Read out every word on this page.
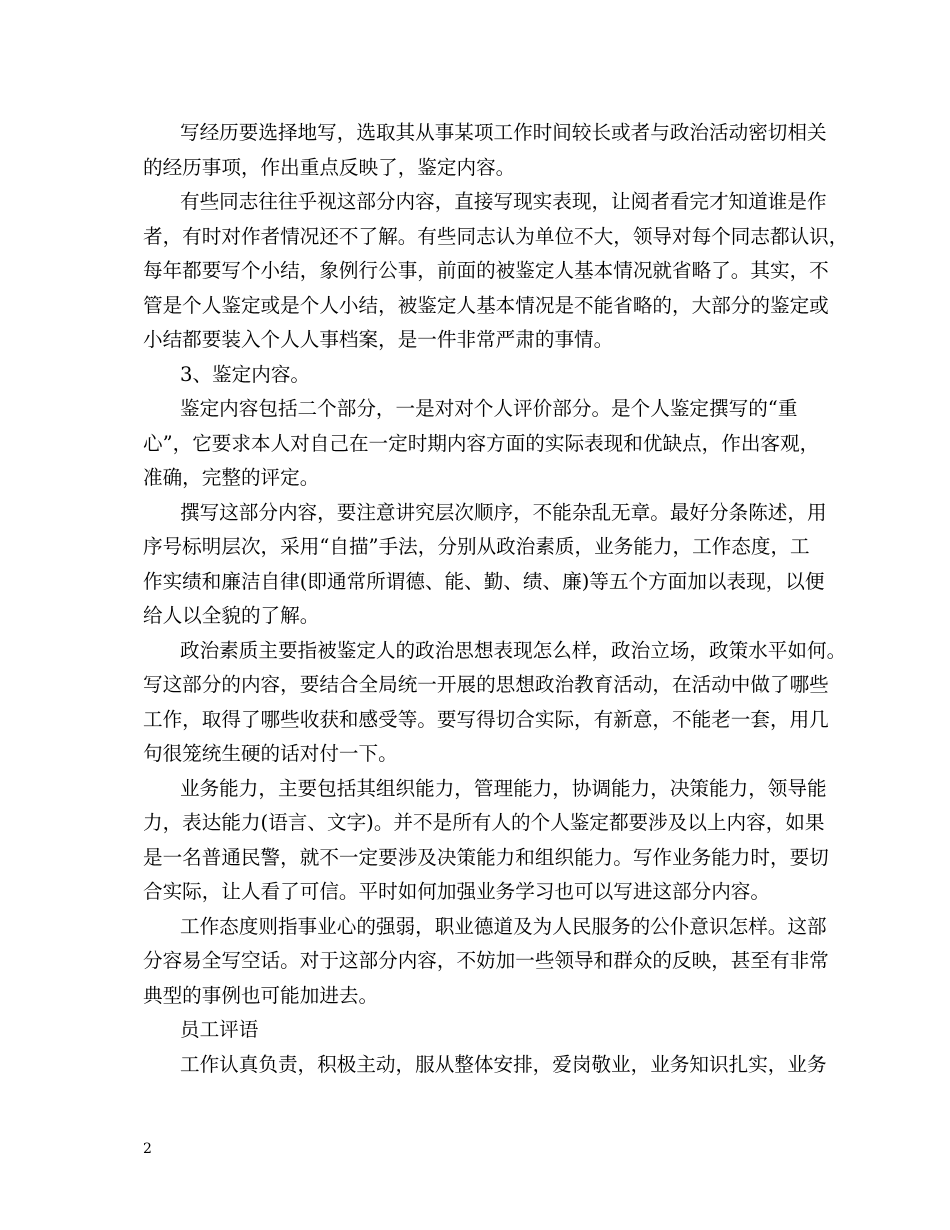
写经历要选择地写，选取其从事某项工作时间较长或者与政治活动密切相关
的经历事项，作出重点反映了，鉴定内容。
有些同志往往乎视这部分内容，直接写现实表现，让阅者看完才知道谁是作
者，有时对作者情况还不了解。有些同志认为单位不大，领导对每个同志都认识，
每年都要写个小结，象例行公事，前面的被鉴定人基本情况就省略了。其实，不
管是个人鉴定或是个人小结，被鉴定人基本情况是不能省略的，大部分的鉴定或
小结都要装入个人人事档案，是一件非常严肃的事情。
3、鉴定内容。
鉴定内容包括二个部分，一是对对个人评价部分。是个人鉴定撰写的“重
心”，它要求本人对自己在一定时期内容方面的实际表现和优缺点，作出客观，
准确，完整的评定。
撰写这部分内容，要注意讲究层次顺序，不能杂乱无章。最好分条陈述，用
序号标明层次，采用“自描”手法，分别从政治素质，业务能力，工作态度，工
作实绩和廉洁自律(即通常所谓德、能、勤、绩、廉)等五个方面加以表现，以便
给人以全貌的了解。
政治素质主要指被鉴定人的政治思想表现怎么样，政治立场，政策水平如何。
写这部分的内容，要结合全局统一开展的思想政治教育活动，在活动中做了哪些
工作，取得了哪些收获和感受等。要写得切合实际，有新意，不能老一套，用几
句很笼统生硬的话对付一下。
业务能力，主要包括其组织能力，管理能力，协调能力，决策能力，领导能
力，表达能力(语言、文字)。并不是所有人的个人鉴定都要涉及以上内容，如果
是一名普通民警，就不一定要涉及决策能力和组织能力。写作业务能力时，要切
合实际，让人看了可信。平时如何加强业务学习也可以写进这部分内容。
工作态度则指事业心的强弱，职业德道及为人民服务的公仆意识怎样。这部
分容易全写空话。对于这部分内容，不妨加一些领导和群众的反映，甚至有非常
典型的事例也可能加进去。
员工评语
工作认真负责，积极主动，服从整体安排，爱岗敬业，业务知识扎实，业务
2
